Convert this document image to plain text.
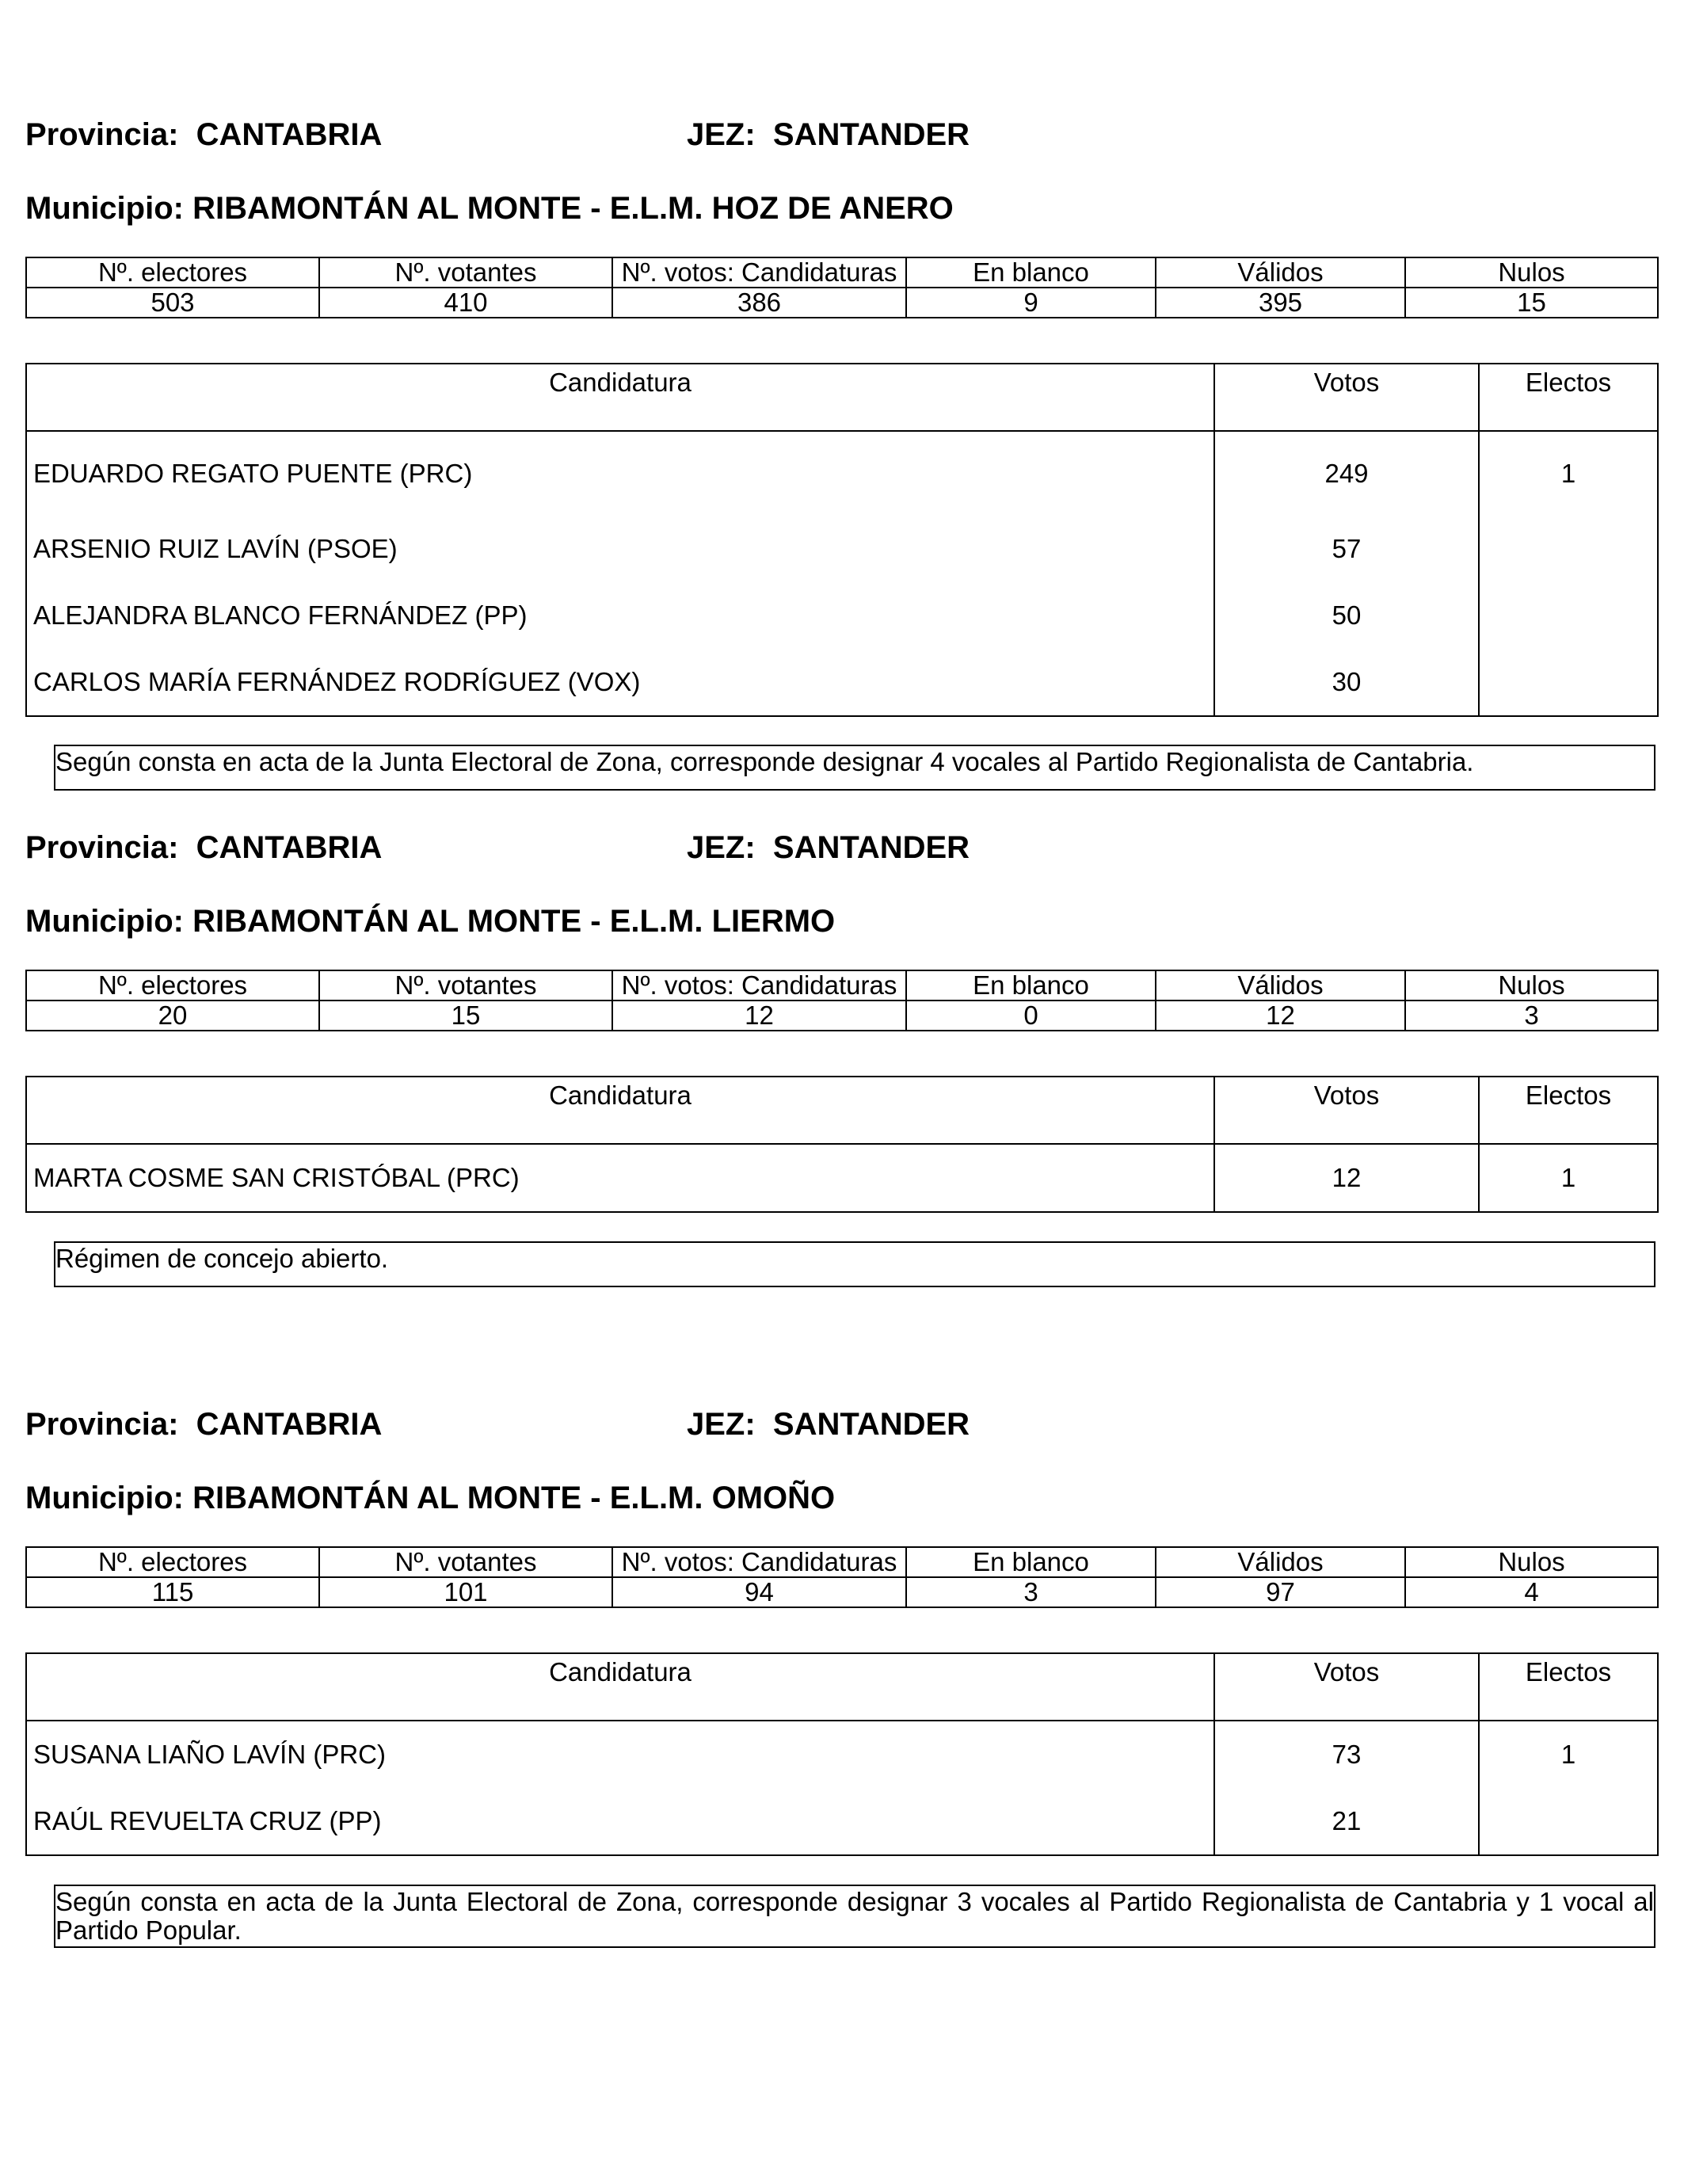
Provincia: CANTABRIA	JEZ: SANTANDER
Municipio: RIBAMONTÁN AL MONTE - E.L.M. HOZ DE ANERO
Nº. electores	Nº. votantes	Nº. votos: Candidaturas	En blanco	Válidos	Nulos
503	410	386	9	395	15
Candidatura	Votos	Electos
EDUARDO REGATO PUENTE (PRC)	249	1
ARSENIO RUIZ LAVÍN (PSOE)	57	
ALEJANDRA BLANCO FERNÁNDEZ (PP)	50	
CARLOS MARÍA FERNÁNDEZ RODRÍGUEZ (VOX)	30	
Según consta en acta de la Junta Electoral de Zona, corresponde designar 4 vocales al Partido Regionalista de Cantabria.
Provincia: CANTABRIA	JEZ: SANTANDER
Municipio: RIBAMONTÁN AL MONTE - E.L.M. LIERMO
Nº. electores	Nº. votantes	Nº. votos: Candidaturas	En blanco	Válidos	Nulos
20	15	12	0	12	3
Candidatura	Votos	Electos
MARTA COSME SAN CRISTÓBAL (PRC)	12	1
Régimen de concejo abierto.
Provincia: CANTABRIA	JEZ: SANTANDER
Municipio: RIBAMONTÁN AL MONTE - E.L.M. OMOÑO
Nº. electores	Nº. votantes	Nº. votos: Candidaturas	En blanco	Válidos	Nulos
115	101	94	3	97	4
Candidatura	Votos	Electos
SUSANA LIAÑO LAVÍN (PRC)	73	1
RAÚL REVUELTA CRUZ (PP)	21	
Según consta en acta de la Junta Electoral de Zona, corresponde designar 3 vocales al Partido Regionalista de Cantabria y 1 vocal al Partido Popular.
